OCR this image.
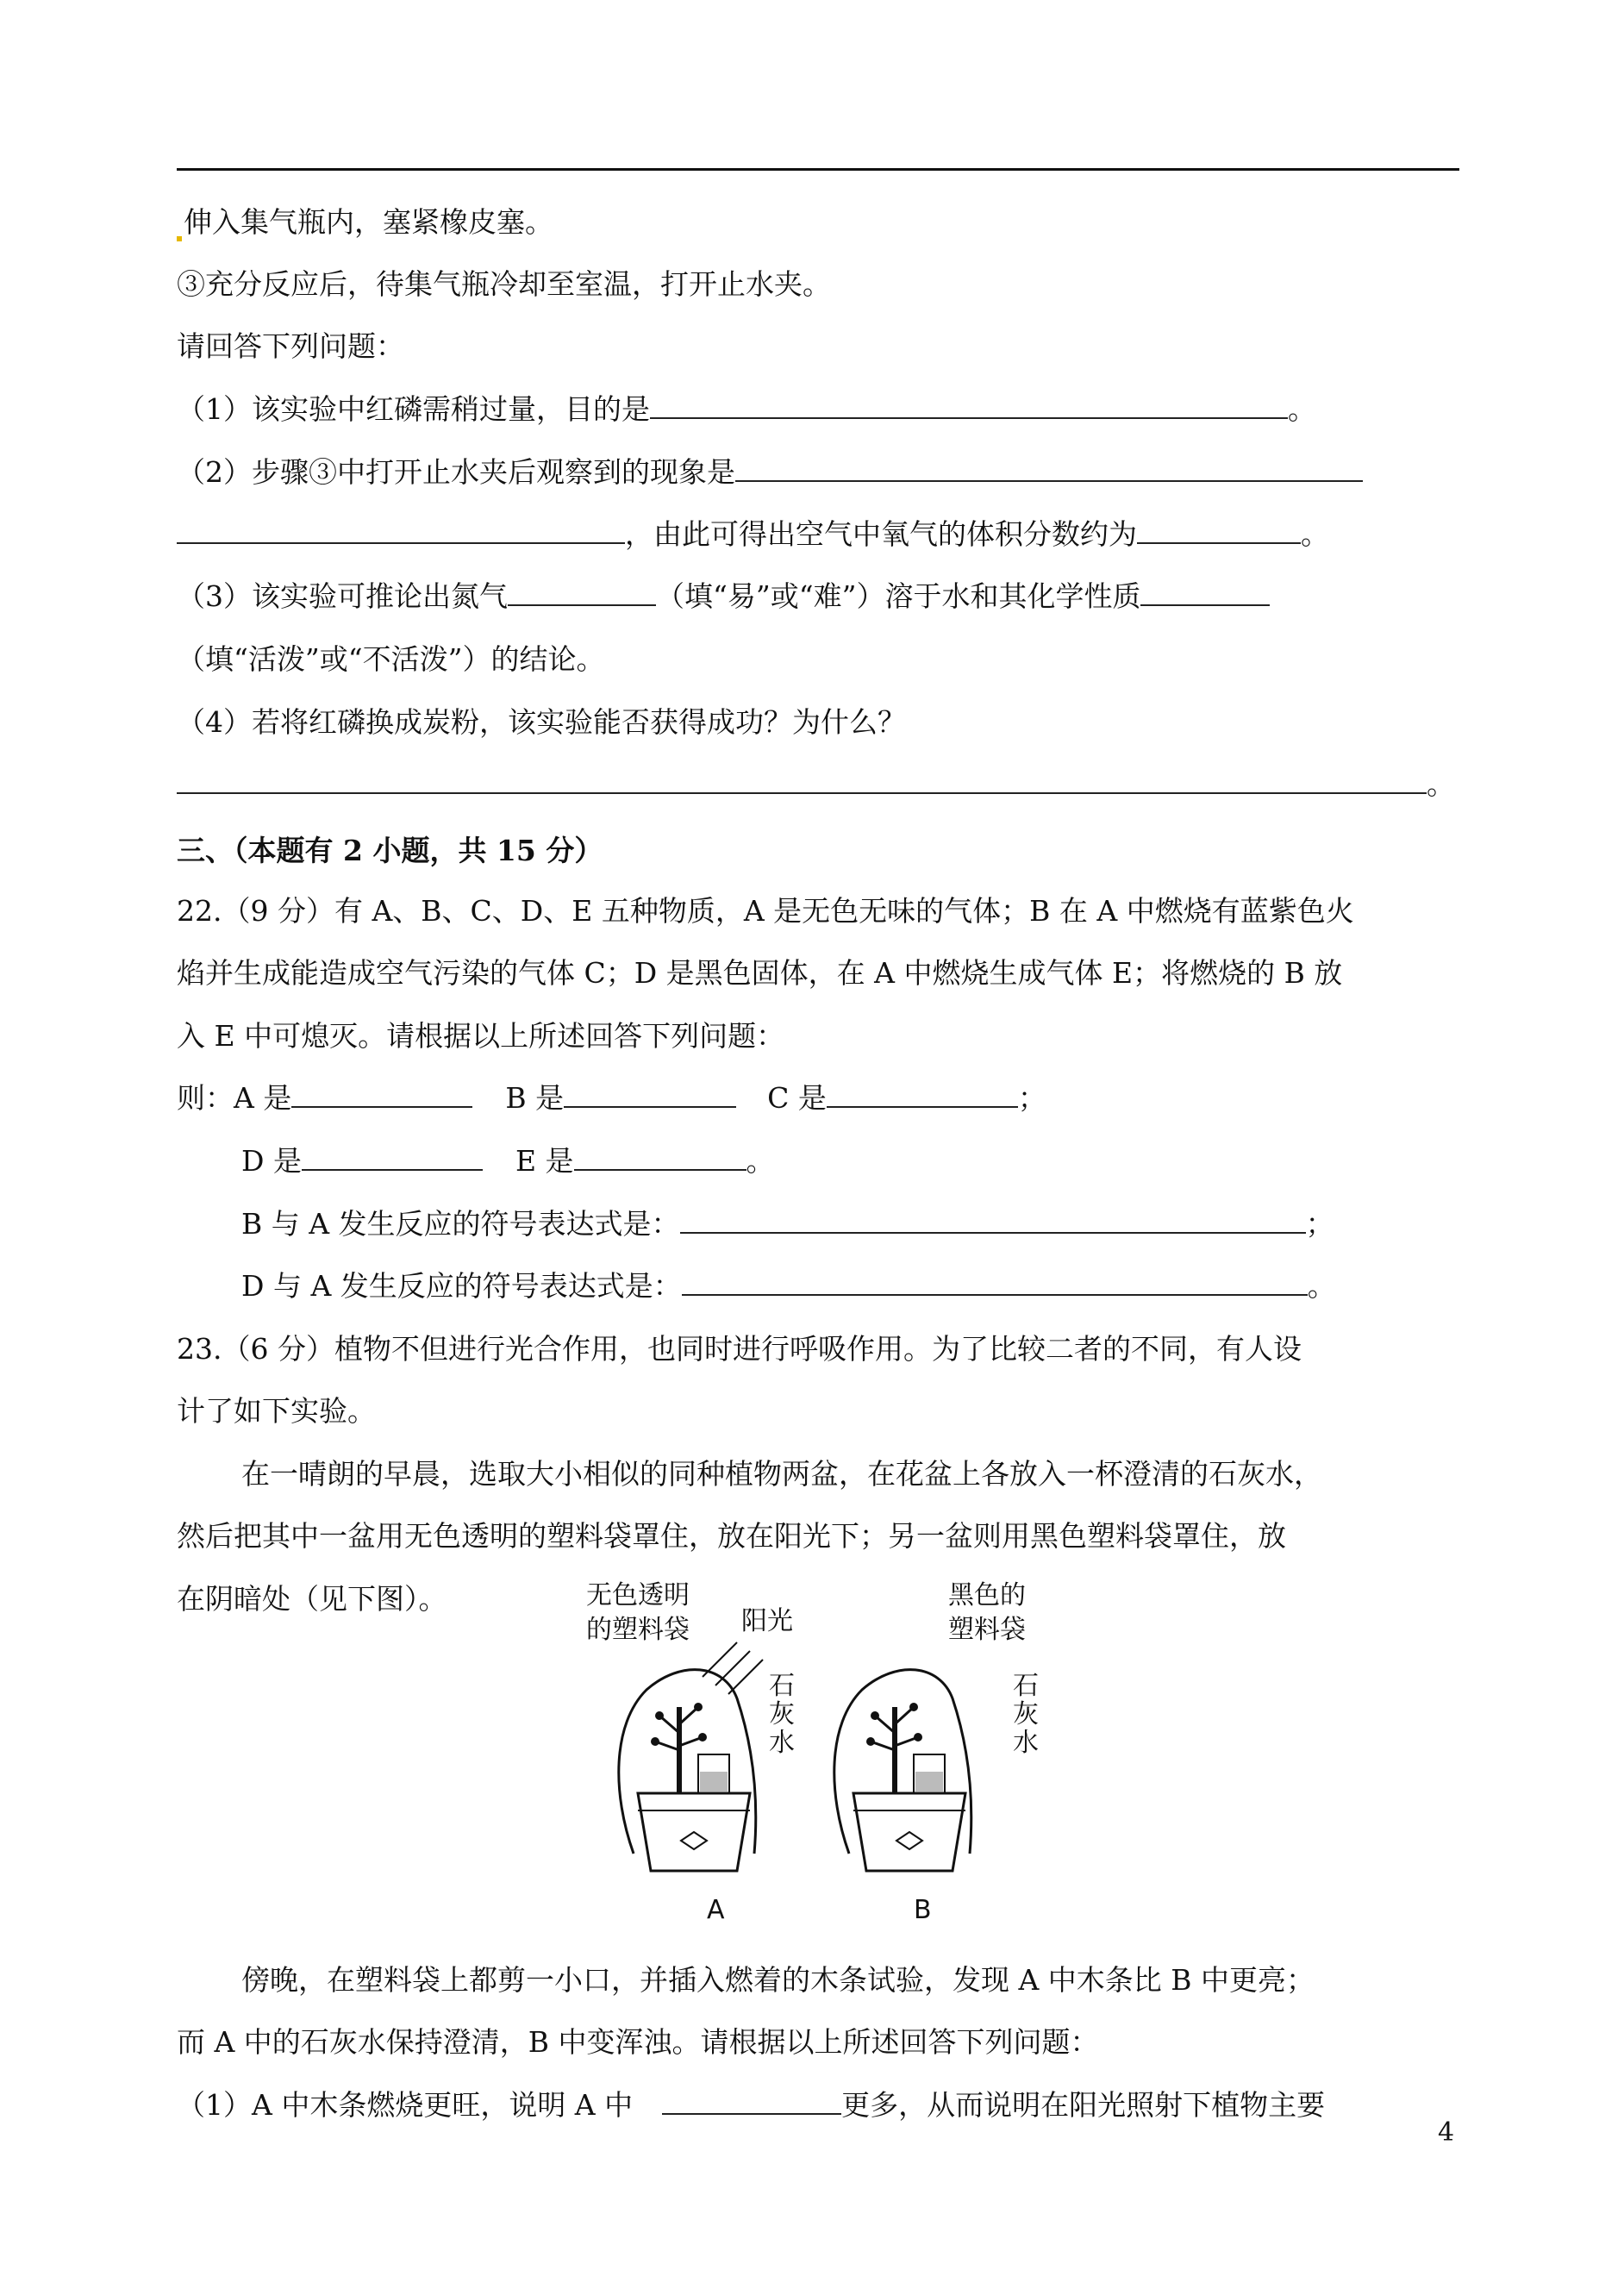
伸入集气瓶内，塞紧橡皮塞。
③充分反应后，待集气瓶冷却至室温，打开止水夹。
请回答下列问题：
（1）该实验中红磷需稍过量，目的是	。
（2）步骤③中打开止水夹后观察到的现象是
，由此可得出空气中氧气的体积分数约为	。
（3）该实验可推论出氮气	（填“易”或“难”）溶于水和其化学性质
（填“活泼”或“不活泼”）的结论。
（4）若将红磷换成炭粉，该实验能否获得成功？为什么？
。
三、（本题有 2 小题，共 15 分）
22.（9 分）有 A、B、C、D、E 五种物质，A 是无色无味的气体；B 在 A 中燃烧有蓝紫色火
焰并生成能造成空气污染的气体 C；D 是黑色固体，在 A 中燃烧生成气体 E；将燃烧的 B 放
入 E 中可熄灭。请根据以上所述回答下列问题：
则：A 是	B 是	C 是	；
D 是	E 是	。
B 与 A 发生反应的符号表达式是：	；
D 与 A 发生反应的符号表达式是：	。
23.（6 分）植物不但进行光合作用，也同时进行呼吸作用。为了比较二者的不同，有人设
计了如下实验。
在一晴朗的早晨，选取大小相似的同种植物两盆，在花盆上各放入一杯澄清的石灰水，
然后把其中一盆用无色透明的塑料袋罩住，放在阳光下；另一盆则用黑色塑料袋罩住，放
在阴暗处（见下图）。	无色透明
的塑料袋 阳光
石
灰
水
黑色的
塑料袋
石
灰
水
A	B
傍晚，在塑料袋上都剪一小口，并插入燃着的木条试验，发现 A 中木条比 B 中更亮；
而 A 中的石灰水保持澄清，B 中变浑浊。请根据以上所述回答下列问题：
（1）A 中木条燃烧更旺，说明 A 中	更多，从而说明在阳光照射下植物主要
4
